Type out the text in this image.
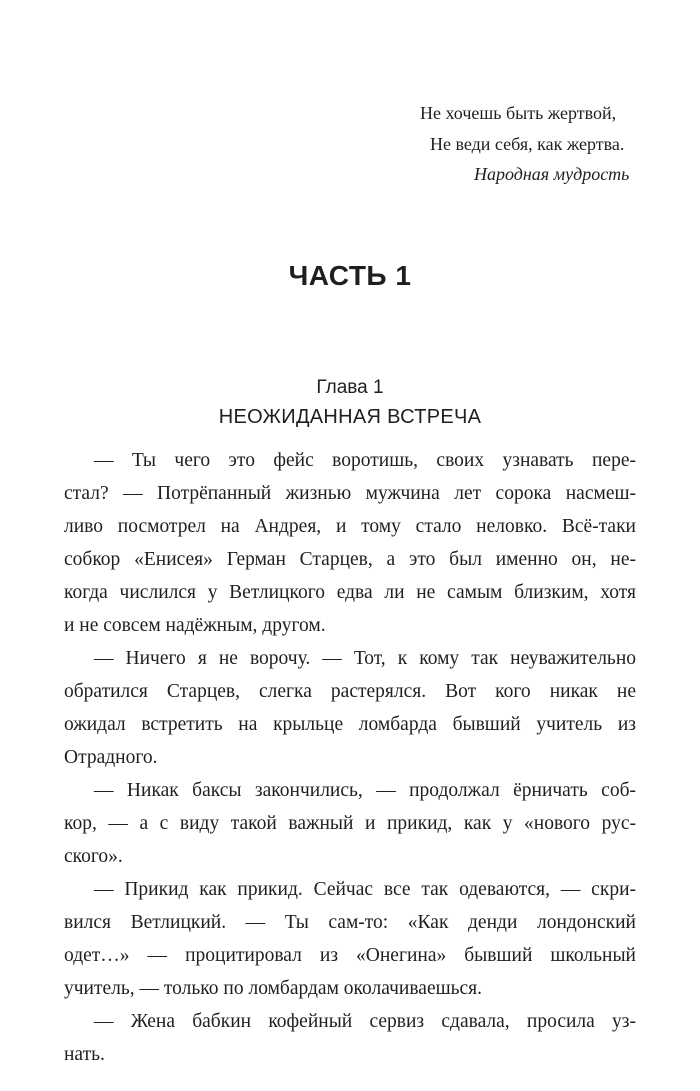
Не хочешь быть жертвой,
Не веди себя, как жертва.
Народная мудрость
ЧАСТЬ 1
Глава 1
НЕОЖИДАННАЯ ВСТРЕЧА
— Ты чего это фейс воротишь, своих узнавать пере-
стал? — Потрёпанный жизнью мужчина лет сорока насмеш-
ливо посмотрел на Андрея, и тому стало неловко. Всё-таки
собкор «Енисея» Герман Старцев, а это был именно он, не-
когда числился у Ветлицкого едва ли не самым близким, хотя
и не совсем надёжным, другом.
— Ничего я не ворочу. — Тот, к кому так неуважительно
обратился Старцев, слегка растерялся. Вот кого никак не
ожидал встретить на крыльце ломбарда бывший учитель из
Отрадного.
— Никак баксы закончились, — продолжал ёрничать соб-
кор, — а с виду такой важный и прикид, как у «нового рус-
ского».
— Прикид как прикид. Сейчас все так одеваются, — скри-
вился Ветлицкий. — Ты сам-то: «Как денди лондонский
одет…» — процитировал из «Онегина» бывший школьный
учитель, — только по ломбардам околачиваешься.
— Жена бабкин кофейный сервиз сдавала, просила уз-
нать.
